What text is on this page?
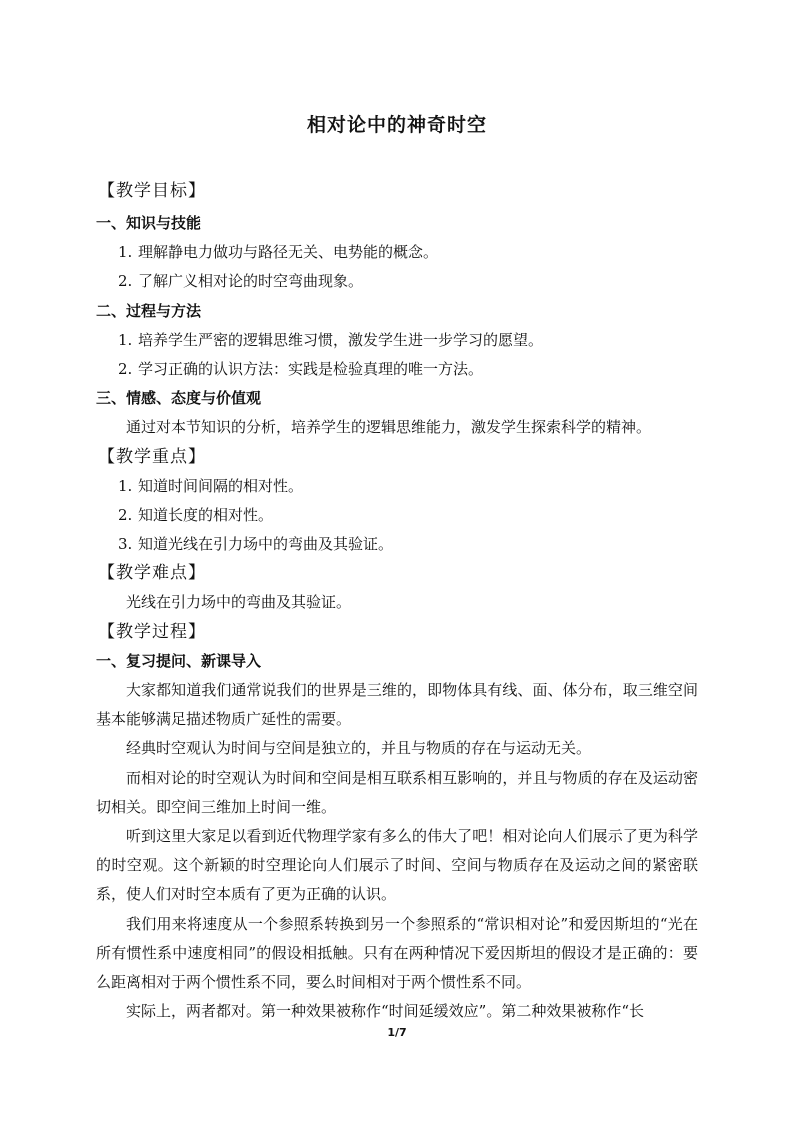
相对论中的神奇时空
【教学目标】
一、知识与技能
1. 理解静电力做功与路径无关、电势能的概念。
2. 了解广义相对论的时空弯曲现象。
二、过程与方法
1. 培养学生严密的逻辑思维习惯，激发学生进一步学习的愿望。
2. 学习正确的认识方法：实践是检验真理的唯一方法。
三、情感、态度与价值观

通过对本节知识的分析，培养学生的逻辑思维能力，激发学生探索科学的精神。

【教学重点】
1. 知道时间间隔的相对性。
2. 知道长度的相对性。
3. 知道光线在引力场中的弯曲及其验证。
【教学难点】

光线在引力场中的弯曲及其验证。

【教学过程】
一、复习提问、新课导入

大家都知道我们通常说我们的世界是三维的，即物体具有线、面、体分布，取三维空间基本能够满足描述物质广延性的需要。

经典时空观认为时间与空间是独立的，并且与物质的存在与运动无关。

而相对论的时空观认为时间和空间是相互联系相互影响的，并且与物质的存在及运动密切相关。即空间三维加上时间一维。

听到这里大家足以看到近代物理学家有多么的伟大了吧！相对论向人们展示了更为科学的时空观。这个新颖的时空理论向人们展示了时间、空间与物质存在及运动之间的紧密联系，使人们对时空本质有了更为正确的认识。

我们用来将速度从一个参照系转换到另一个参照系的“常识相对论”和爱因斯坦的“光在所有惯性系中速度相同”的假设相抵触。只有在两种情况下爱因斯坦的假设才是正确的：要么距离相对于两个惯性系不同，要么时间相对于两个惯性系不同。

实际上，两者都对。第一种效果被称作“时间延缓效应”。第二种效果被称作“长

1/7
